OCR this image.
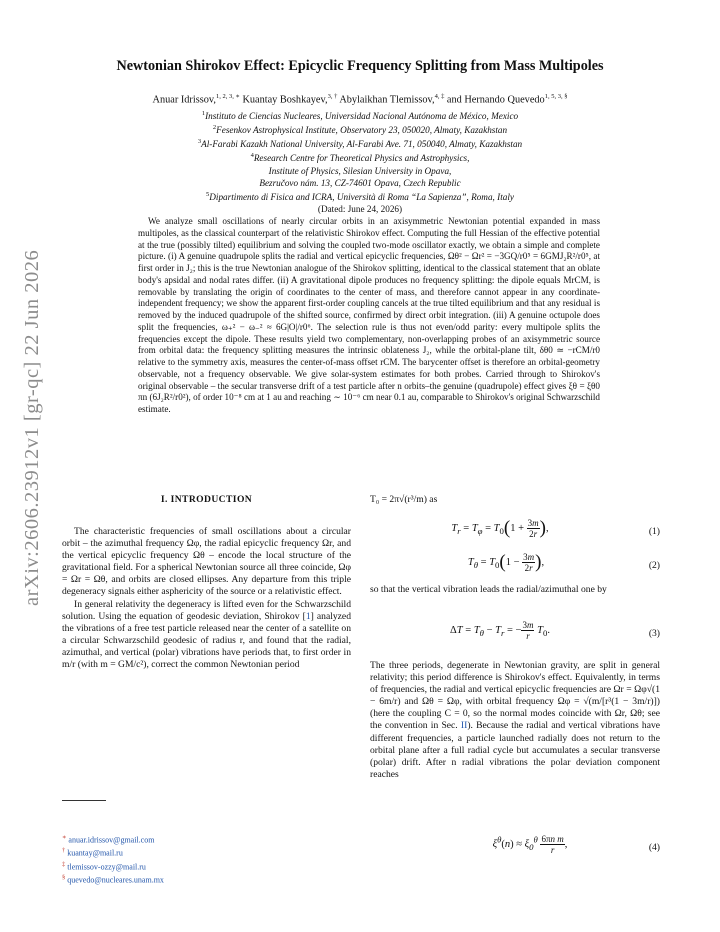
arXiv:2606.23912v1 [gr-qc] 22 Jun 2026
Newtonian Shirokov Effect: Epicyclic Frequency Splitting from Mass Multipoles
Anuar Idrissov,$^{1, 2, 3, ∗}$ Kuantay Boshkayev,$^{3, \dagger}$ Abylaikhan Tlemissov,$^{4, \ddagger}$ and Hernando Quevedo$^{1, 5, 3, \S}$
$^1$Instituto de Ciencias Nucleares, Universidad Nacional Autónoma de México, Mexico
$^2$Fesenkov Astrophysical Institute, Observatory 23, 050020, Almaty, Kazakhstan
$^3$Al-Farabi Kazakh National University, Al-Farabi Ave. 71, 050040, Almaty, Kazakhstan
$^4$Research Centre for Theoretical Physics and Astrophysics,
Institute of Physics, Silesian University in Opava,
Bezručovo nám. 13, CZ-74601 Opava, Czech Republic
$^5$Dipartimento di Fisica and ICRA, Università di Roma “La Sapienza”, Roma, Italy
(Dated: June 24, 2026)

We analyze small oscillations of nearly circular orbits in an axisymmetric Newtonian potential expanded in mass multipoles, as the classical counterpart of the relativistic Shirokov effect. Computing the full Hessian of the effective potential at the true (possibly tilted) equilibrium and solving the coupled two-mode oscillator exactly, we obtain a simple and complete picture. (i) A genuine quadrupole splits the radial and vertical epicyclic frequencies, Ωθ² − Ωr² = −3GQ/r0⁵ = 6GMJ₂R²/r0⁵, at first order in J₂; this is the true Newtonian analogue of the Shirokov splitting, identical to the classical statement that an oblate body's apsidal and nodal rates differ. (ii) A gravitational dipole produces no frequency splitting: the dipole equals MrCM, is removable by translating the origin of coordinates to the center of mass, and therefore cannot appear in any coordinate-independent frequency; we show the apparent first-order coupling cancels at the true tilted equilibrium and that any residual is removed by the induced quadrupole of the shifted source, confirmed by direct orbit integration. (iii) A genuine octupole does split the frequencies, ω₊² − ω₋² ≈ 6G|O|/r0⁶. The selection rule is thus not even/odd parity: every multipole splits the frequencies except the dipole. These results yield two complementary, non-overlapping probes of an axisymmetric source from orbital data: the frequency splitting measures the intrinsic oblateness J₂, while the orbital-plane tilt, δθ0 ≃ −rCM/r0 relative to the symmetry axis, measures the center-of-mass offset rCM. The barycenter offset is therefore an orbital-geometry observable, not a frequency observable. We give solar-system estimates for both probes. Carried through to Shirokov's original observable – the secular transverse drift of a test particle after n orbits–the genuine (quadrupole) effect gives ξθ = ξθ0 πn (6J₂R²/r0²), of order 10⁻⁸ cm at 1 au and reaching ∼ 10⁻⁶ cm near 0.1 au, comparable to Shirokov's original Schwarzschild estimate.

I. INTRODUCTION

The characteristic frequencies of small oscillations about a circular orbit – the azimuthal frequency Ωφ, the radial epicyclic frequency Ωr, and the vertical epicyclic frequency Ωθ – encode the local structure of the gravitational field. For a spherical Newtonian source all three coincide, Ωφ = Ωr = Ωθ, and orbits are closed ellipses. Any departure from this triple degeneracy signals either asphericity of the source or a relativistic effect.

In general relativity the degeneracy is lifted even for the Schwarzschild solution. Using the equation of geodesic deviation, Shirokov [1] analyzed the vibrations of a free test particle released near the center of a satellite on a circular Schwarzschild geodesic of radius r, and found that the radial, azimuthal, and vertical (polar) vibrations have periods that, to first order in m/r (with m = GM/c²), correct the common Newtonian period

∗ anuar.idrissov@gmail.com
† kuantay@mail.ru
‡ tlemissov-ozzy@mail.ru
§ quevedo@nucleares.unam.mx

T₀ = 2π√(r³/m) as

$T_r = T_\varphi = T_0(1 + \frac{3m}{2r}$ ),	(1)
$T_\theta = T_0(1 - \frac{3m}{2r}$ ),	(2)

so that the vertical vibration leads the radial/azimuthal one by

$\Delta T = T_\theta - T_r$ = − $\frac{3m}{r} T_0$.	(3)

The three periods, degenerate in Newtonian gravity, are split in general relativity; this period difference is Shirokov's effect. Equivalently, in terms of frequencies, the radial and vertical epicyclic frequencies are Ωr = Ωφ√(1 − 6m/r) and Ωθ = Ωφ, with orbital frequency Ωφ = √(m/[r³(1 − 3m/r)]) (here the coupling C = 0, so the normal modes coincide with Ωr, Ωθ; see the convention in Sec. II). Because the radial and vertical vibrations have different frequencies, a particle launched radially does not return to the orbital plane after a full radial cycle but accumulates a secular transverse (polar) drift. After n radial vibrations the polar deviation component reaches

$\xi^\theta(n) \approx \xi_0^\theta \frac{\text{6πn m}}{r}$ ,	(4)
